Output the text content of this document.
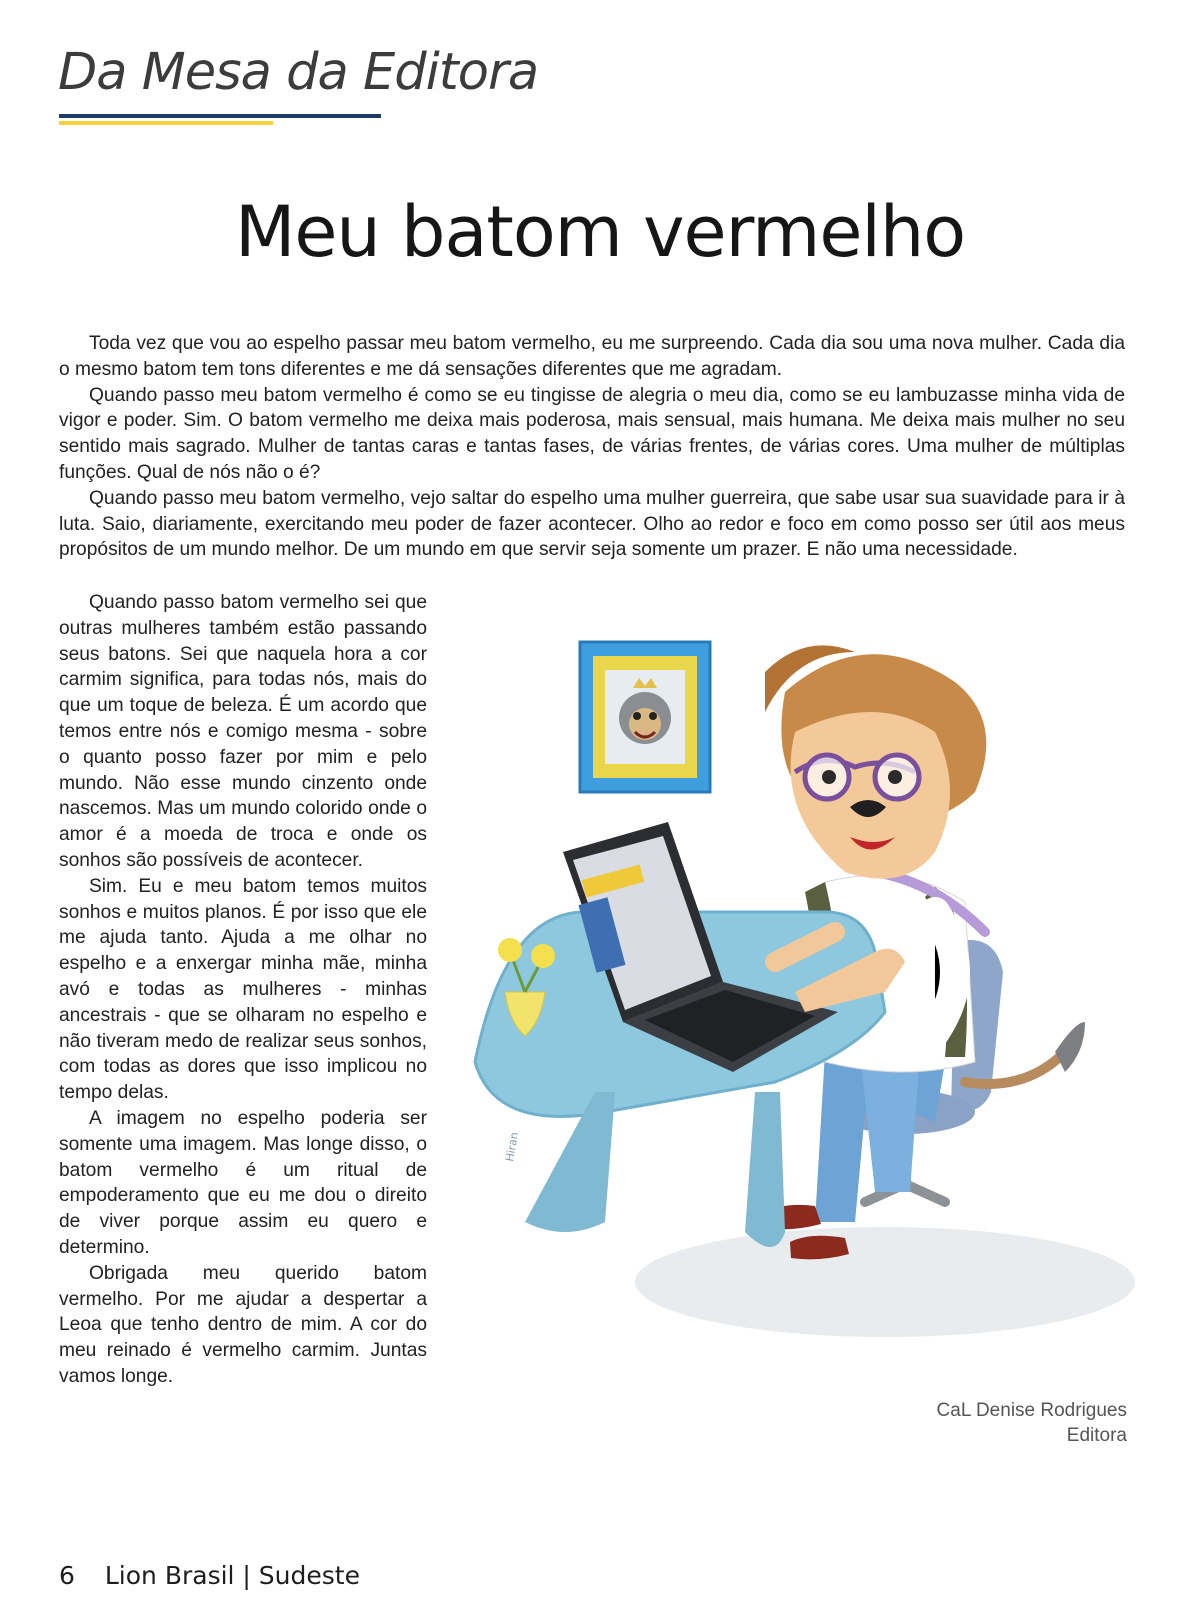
Da Mesa da Editora
Meu batom vermelho

Toda vez que vou ao espelho passar meu batom vermelho, eu me surpreendo. Cada dia sou uma nova mulher. Cada dia o mesmo batom tem tons diferentes e me dá sensações diferentes que me agradam.

Quando passo meu batom vermelho é como se eu tingisse de alegria o meu dia, como se eu lambuzasse minha vida de vigor e poder. Sim. O batom vermelho me deixa mais poderosa, mais sensual, mais humana. Me deixa mais mulher no seu sentido mais sagrado. Mulher de tantas caras e tantas fases, de várias frentes, de várias cores. Uma mulher de múltiplas funções. Qual de nós não o é?

Quando passo meu batom vermelho, vejo saltar do espelho uma mulher guerreira, que sabe usar sua suavidade para ir à luta. Saio, diariamente, exercitando meu poder de fazer acontecer. Olho ao redor e foco em como posso ser útil aos meus propósitos de um mundo melhor. De um mundo em que servir seja somente um prazer. E não uma necessidade.

Quando passo batom vermelho sei que outras mulheres também estão passando seus batons. Sei que naquela hora a cor carmim significa, para todas nós, mais do que um toque de beleza. É um acordo que temos entre nós e comigo mesma - sobre o quanto posso fazer por mim e pelo mundo. Não esse mundo cinzento onde nascemos. Mas um mundo colorido onde o amor é a moeda de troca e onde os sonhos são possíveis de acontecer.

Sim. Eu e meu batom temos muitos sonhos e muitos planos. É por isso que ele me ajuda tanto. Ajuda a me olhar no espelho e a enxergar minha mãe, minha avó e todas as mulheres - minhas ancestrais - que se olharam no espelho e não tiveram medo de realizar seus sonhos, com todas as dores que isso implicou no tempo delas.

A imagem no espelho poderia ser somente uma imagem. Mas longe disso, o batom vermelho é um ritual de empoderamento que eu me dou o direito de viver porque assim eu quero e determino.

Obrigada meu querido batom vermelho. Por me ajudar a despertar a Leoa que tenho dentro de mim. A cor do meu reinado é vermelho carmim. Juntas vamos longe.

Hiran
CaL Denise Rodrigues
Editora
6 Lion Brasil | Sudeste
